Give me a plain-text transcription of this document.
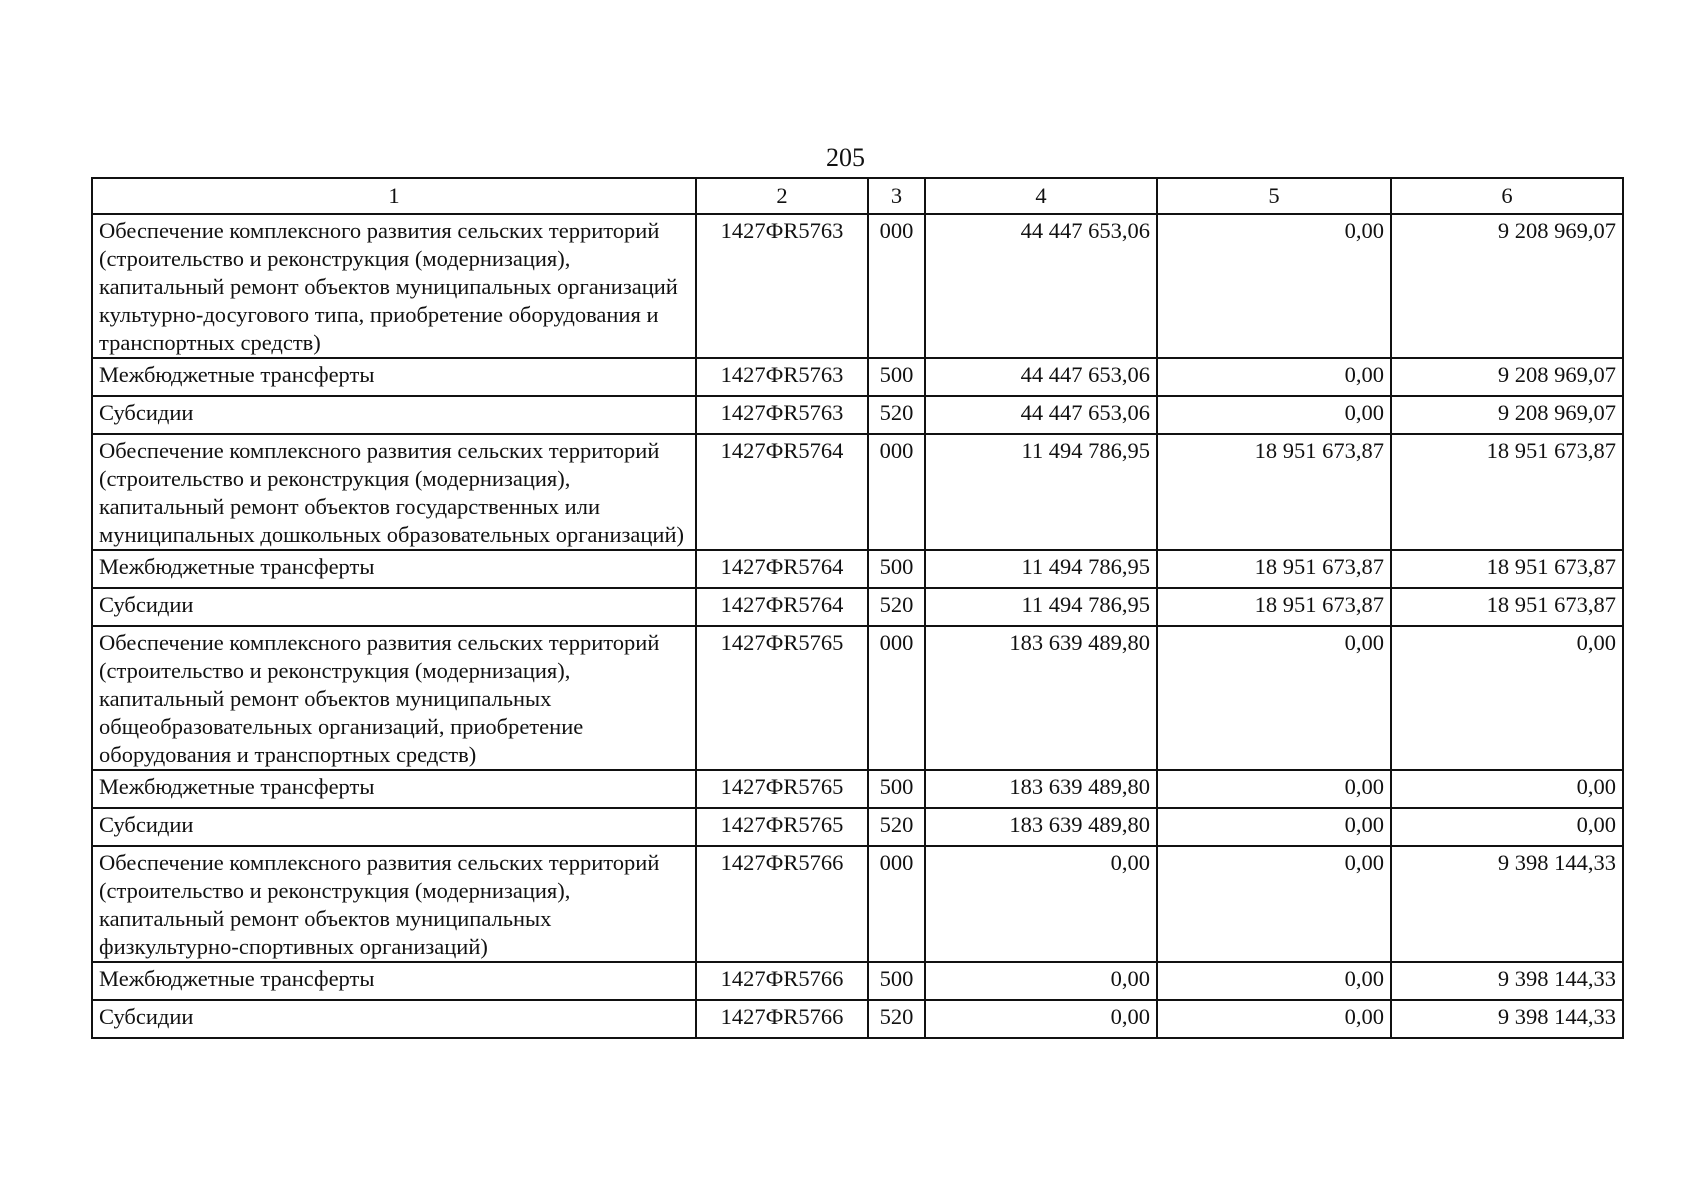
205
1	2	3	4	5	6
Обеспечение комплексного развития сельских территорий (строительство и реконструкция (модернизация), капитальный ремонт объектов муниципальных организаций культурно-досугового типа, приобретение оборудования и транспортных средств)	1427ФR5763	000	44 447 653,06	0,00	9 208 969,07
Межбюджетные трансферты	1427ФR5763	500	44 447 653,06	0,00	9 208 969,07
Субсидии	1427ФR5763	520	44 447 653,06	0,00	9 208 969,07
Обеспечение комплексного развития сельских территорий (строительство и реконструкция (модернизация), капитальный ремонт объектов государственных или муниципальных дошкольных образовательных организаций)	1427ФR5764	000	11 494 786,95	18 951 673,87	18 951 673,87
Межбюджетные трансферты	1427ФR5764	500	11 494 786,95	18 951 673,87	18 951 673,87
Субсидии	1427ФR5764	520	11 494 786,95	18 951 673,87	18 951 673,87
Обеспечение комплексного развития сельских территорий (строительство и реконструкция (модернизация), капитальный ремонт объектов муниципальных общеобразовательных организаций, приобретение оборудования и транспортных средств)	1427ФR5765	000	183 639 489,80	0,00	0,00
Межбюджетные трансферты	1427ФR5765	500	183 639 489,80	0,00	0,00
Субсидии	1427ФR5765	520	183 639 489,80	0,00	0,00
Обеспечение комплексного развития сельских территорий (строительство и реконструкция (модернизация), капитальный ремонт объектов муниципальных физкультурно-спортивных организаций)	1427ФR5766	000	0,00	0,00	9 398 144,33
Межбюджетные трансферты	1427ФR5766	500	0,00	0,00	9 398 144,33
Субсидии	1427ФR5766	520	0,00	0,00	9 398 144,33
